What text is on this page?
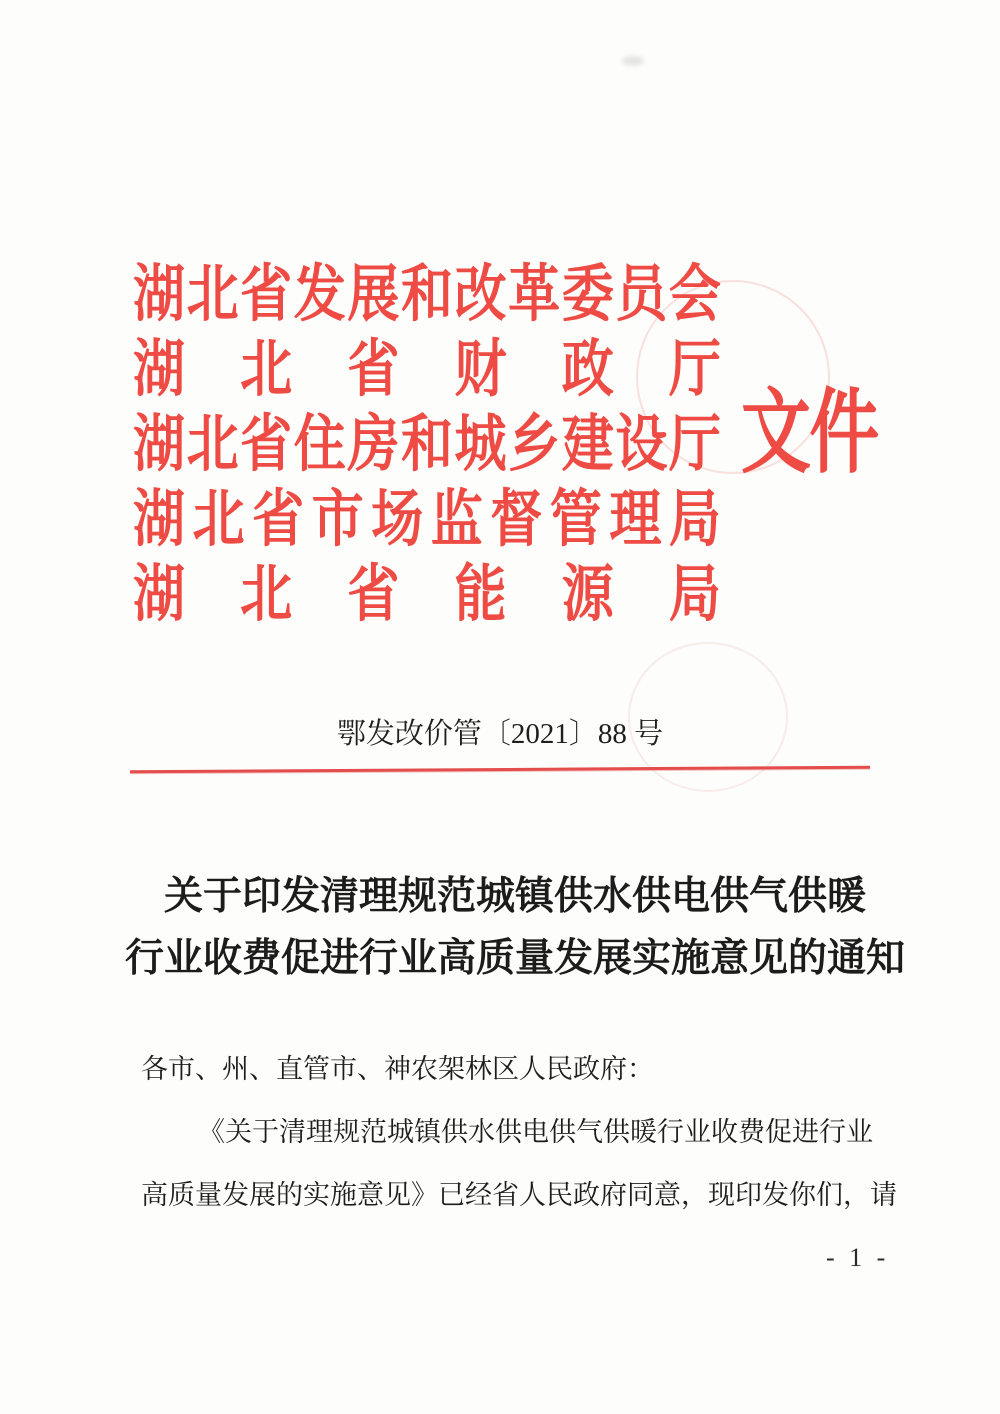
湖北省发展和改革委员会
湖北省财政厅
湖北省住房和城乡建设厅
湖北省市场监督管理局
湖北省能源局
文件
鄂发改价管〔2021〕88 号
关于印发清理规范城镇供水供电供气供暖
行业收费促进行业高质量发展实施意见的通知
各市、州、直管市、神农架林区人民政府：
《关于清理规范城镇供水供电供气供暖行业收费促进行业
高质量发展的实施意见》已经省人民政府同意，现印发你们，请
- 1 -
